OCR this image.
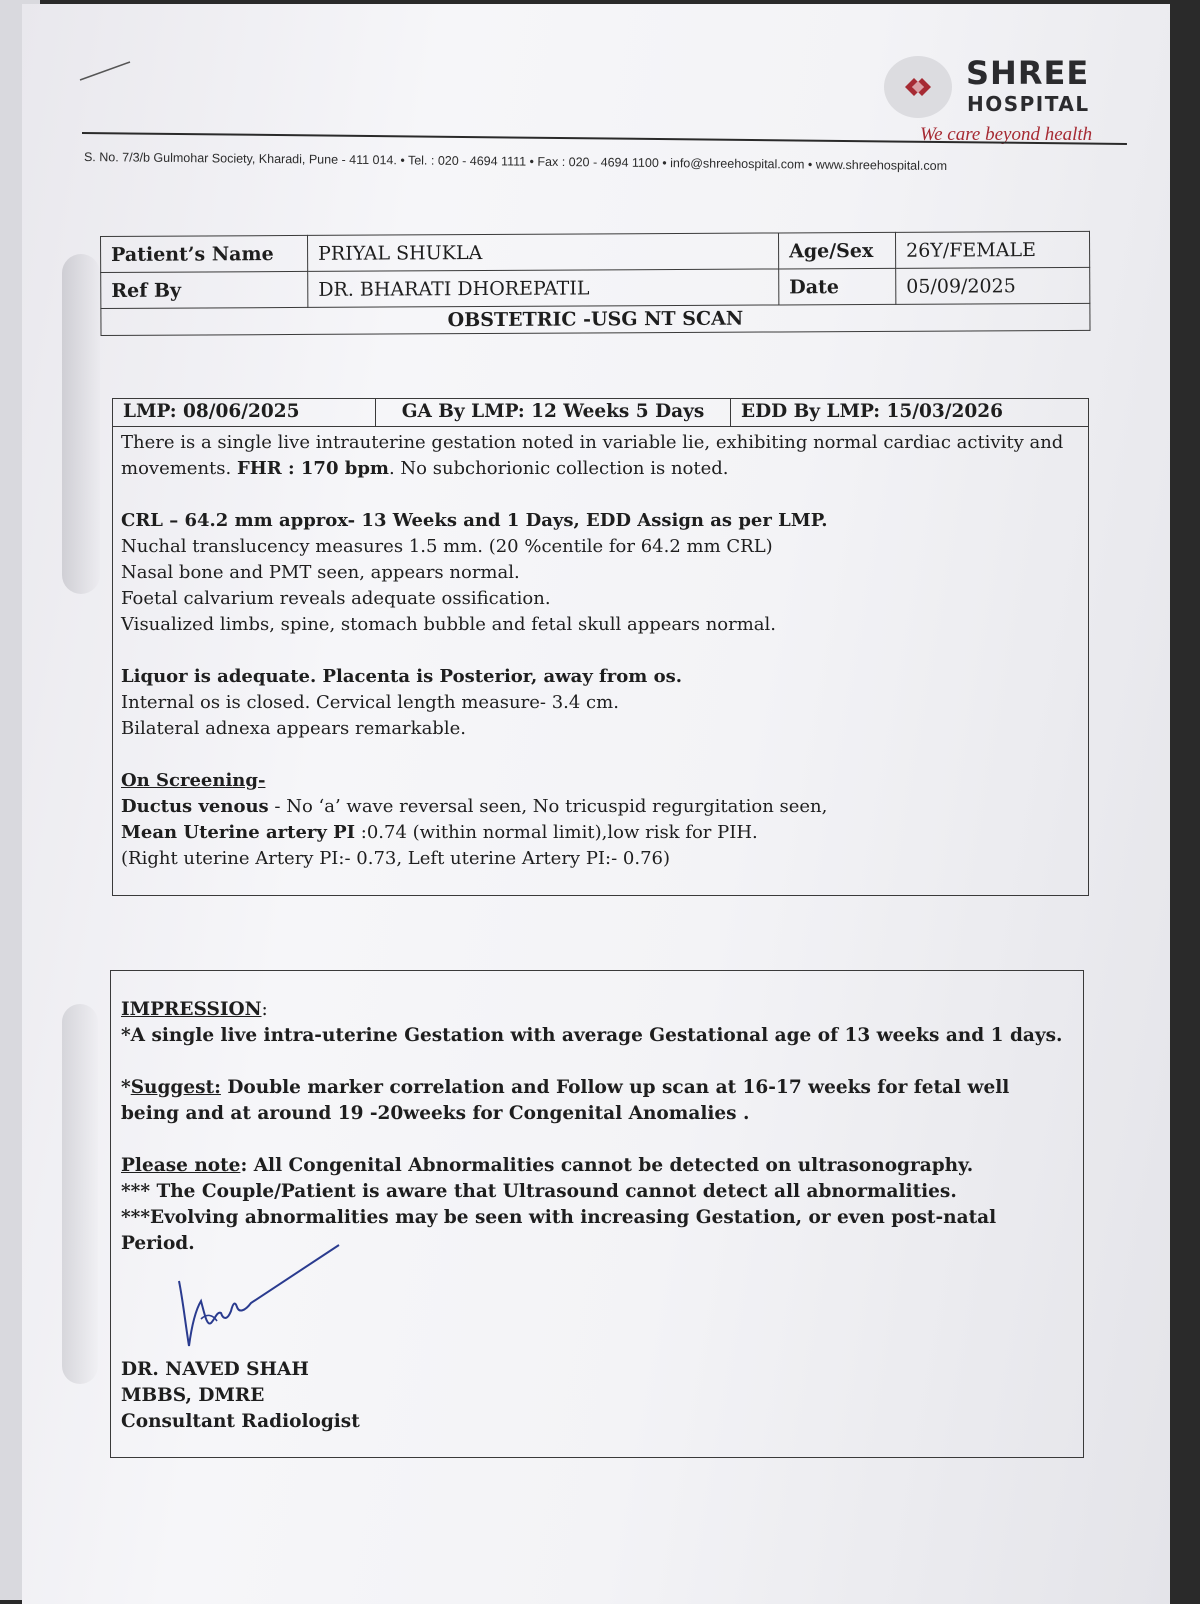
SHREE
HOSPITAL
We care beyond health
S. No. 7/3/b Gulmohar Society, Kharadi, Pune - 411 014. • Tel. : 020 - 4694 1111 • Fax : 020 - 4694 1100 • info@shreehospital.com • www.shreehospital.com
Patient’s Name	PRIYAL SHUKLA	Age/Sex	26Y/FEMALE
Ref By	DR. BHARATI DHOREPATIL	Date	05/09/2025
OBSTETRIC -USG NT SCAN			
LMP: 08/06/2025	GA By LMP: 12 Weeks 5 Days	EDD By LMP: 15/03/2026

There is a single live intrauterine gestation noted in variable lie, exhibiting normal cardiac activity and movements. FHR : 170 bpm. No subchorionic collection is noted.

CRL – 64.2 mm approx- 13 Weeks and 1 Days, EDD Assign as per LMP.

Nuchal translucency measures 1.5 mm. (20 %centile for 64.2 mm CRL)

Nasal bone and PMT seen, appears normal.

Foetal calvarium reveals adequate ossification.

Visualized limbs, spine, stomach bubble and fetal skull appears normal.

Liquor is adequate. Placenta is Posterior, away from os.

Internal os is closed. Cervical length measure- 3.4 cm.

Bilateral adnexa appears remarkable.

On Screening-

Ductus venous - No ‘a’ wave reversal seen, No tricuspid regurgitation seen,

Mean Uterine artery PI :0.74 (within normal limit),low risk for PIH.

(Right uterine Artery PI:- 0.73, Left uterine Artery PI:- 0.76)

IMPRESSION:

*A single live intra-uterine Gestation with average Gestational age of 13 weeks and 1 days.

*Suggest: Double marker correlation and Follow up scan at 16-17 weeks for fetal well being and at around 19 -20weeks for Congenital Anomalies .

Please note: All Congenital Abnormalities cannot be detected on ultrasonography.

*** The Couple/Patient is aware that Ultrasound cannot detect all abnormalities.

***Evolving abnormalities may be seen with increasing Gestation, or even post-natal Period.

DR. NAVED SHAH
MBBS, DMRE
Consultant Radiologist
